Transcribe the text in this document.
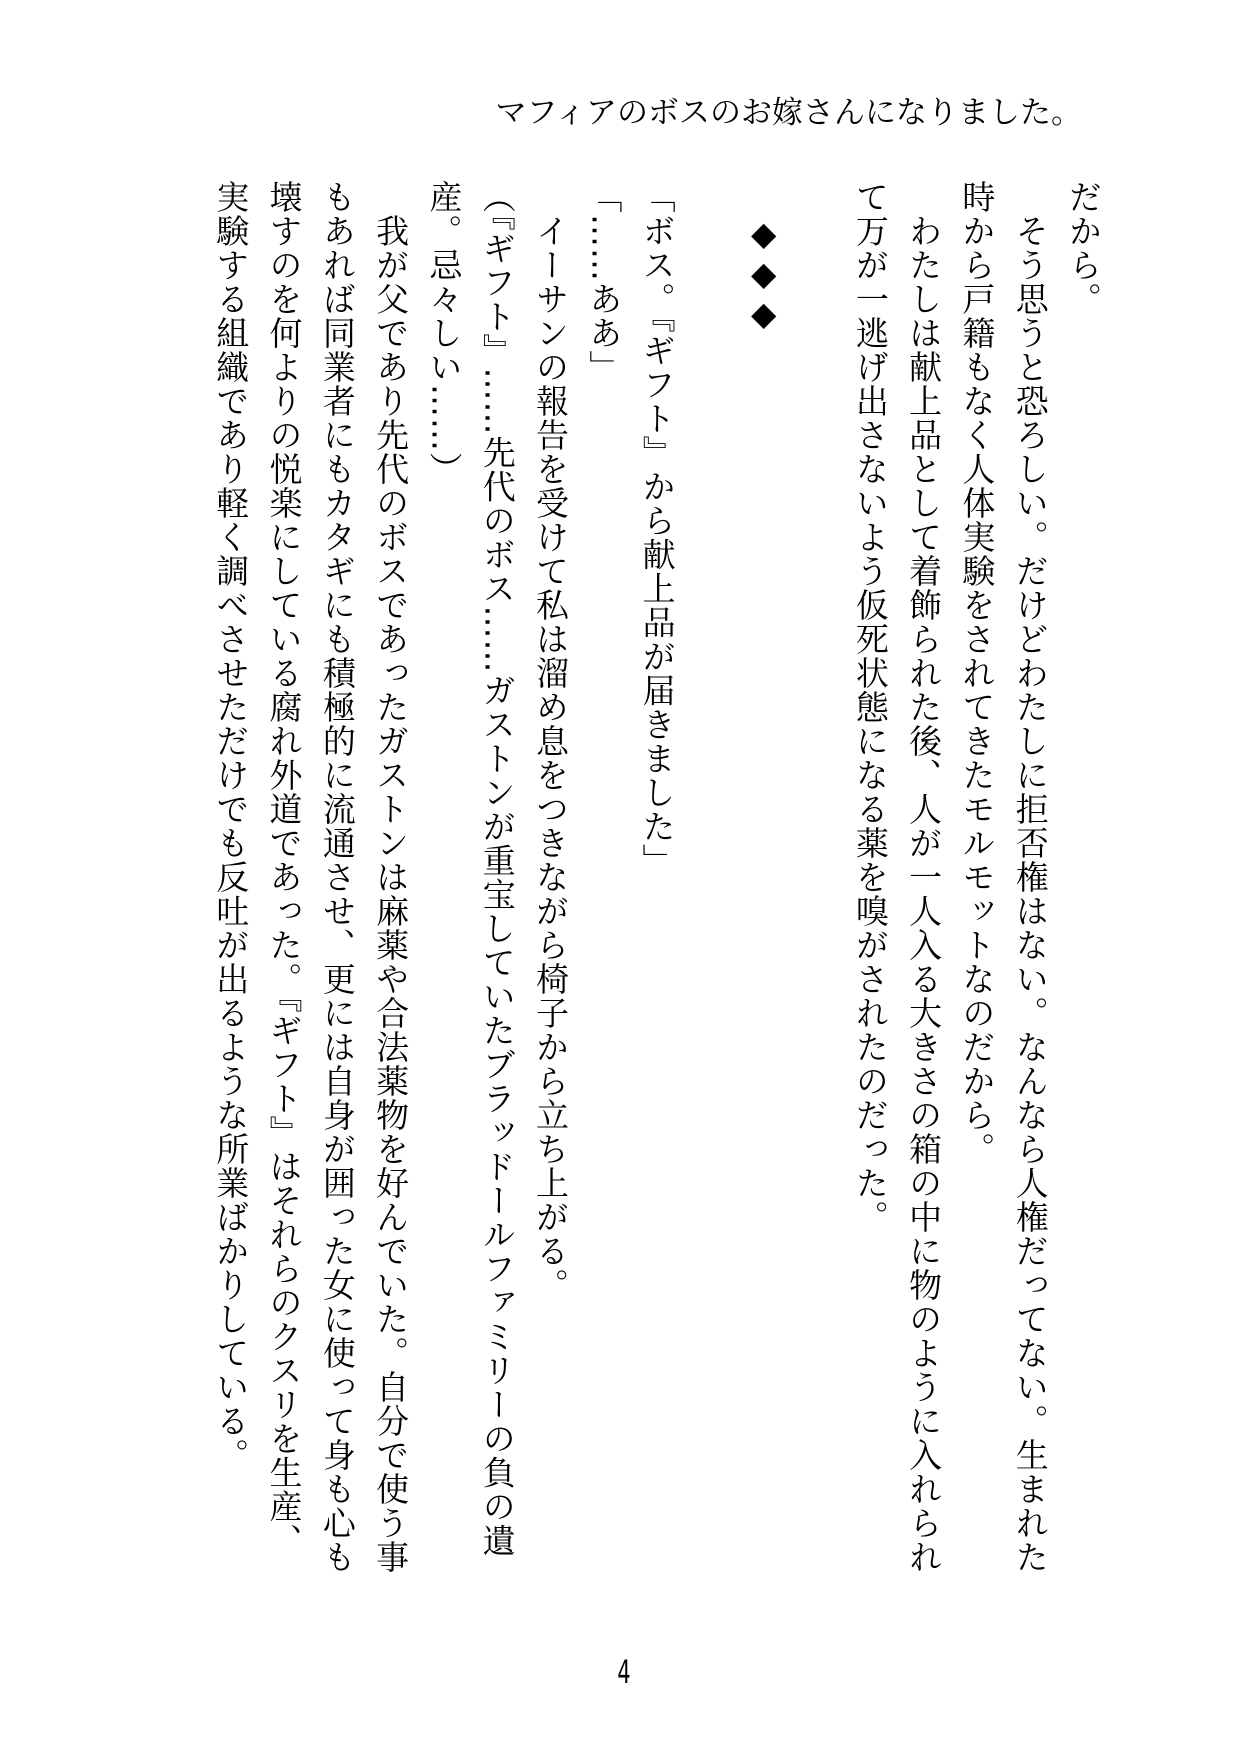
マフィアのボスのお嫁さんになりました。
だから。
　そう思うと恐ろしい。だけどわたしに拒否権はない。なんなら人権だってない。生まれた
時から戸籍もなく人体実験をされてきたモルモットなのだから。
　わたしは献上品として着飾られた後、人が一人入る大きさの箱の中に物のように入れられ
て万が一逃げ出さないよう仮死状態になる薬を嗅がされたのだった。
　◆◆◆
「ボス。『ギフト』から献上品が届きました」
「……ああ」
　イーサンの報告を受けて私は溜め息をつきながら椅子から立ち上がる。
（『ギフト』……先代のボス……ガストンが重宝していたブラッドールファミリーの負の遺
産。忌々しい……）
　我が父であり先代のボスであったガストンは麻薬や合法薬物を好んでいた。自分で使う事
もあれば同業者にもカタギにも積極的に流通させ、更には自身が囲った女に使って身も心も
壊すのを何よりの悦楽にしている腐れ外道であった。『ギフト』はそれらのクスリを生産、
実験する組織であり軽く調べさせただけでも反吐が出るような所業ばかりしている。
4
